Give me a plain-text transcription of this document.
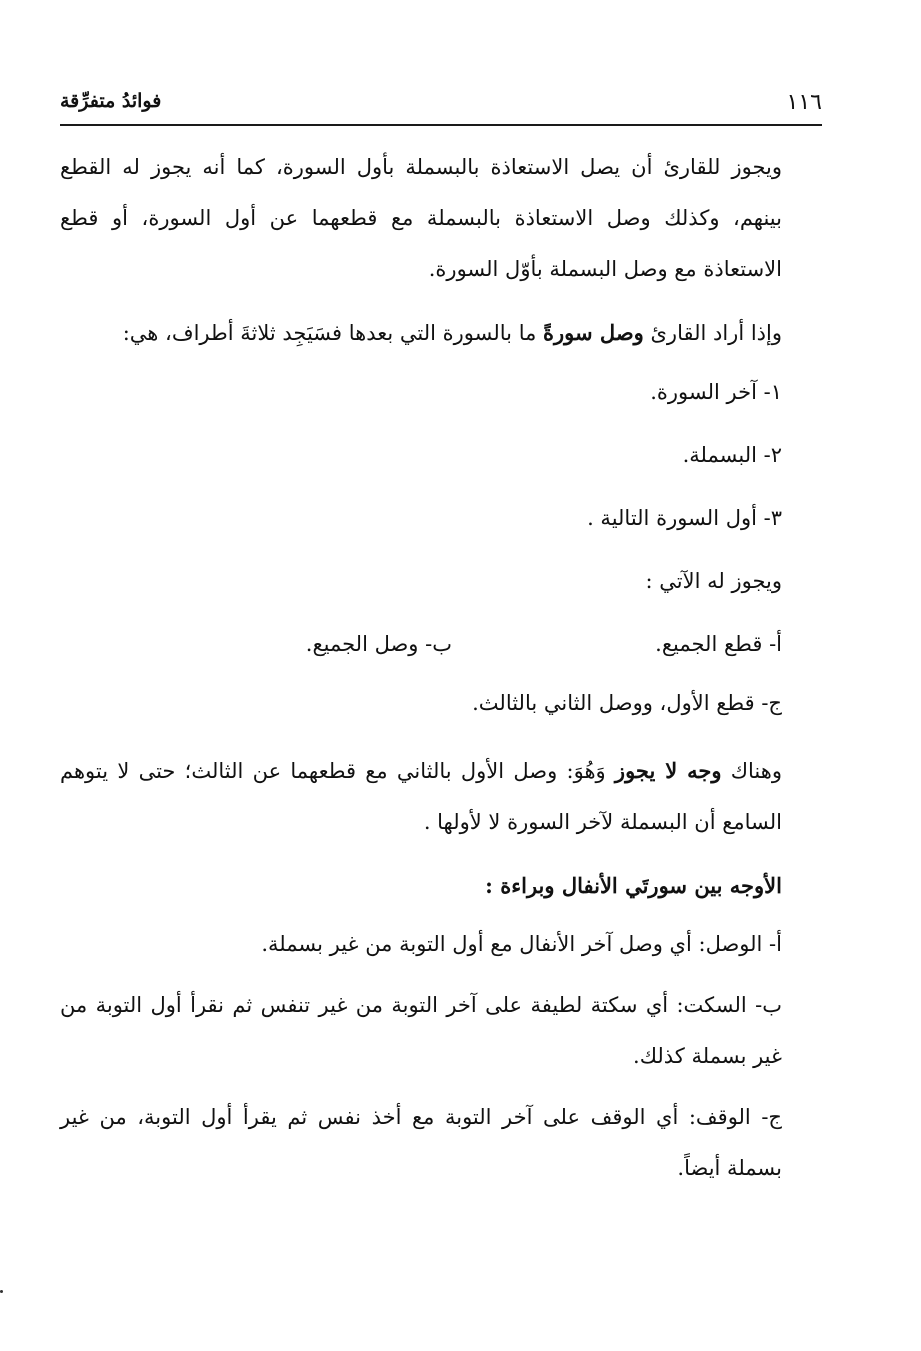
١١٦
فوائدُ متفرِّقة

ويجوز للقارئ أن يصل الاستعاذة بالبسملة بأول السورة، كما أنه يجوز له القطع بينهم، وكذلك وصل الاستعاذة بالبسملة مع قطعهما عن أول السورة، أو قطع الاستعاذة مع وصل البسملة بأوّل السورة.

وإذا أراد القارئ وصل سورةً ما بالسورة التي بعدها فسَيَجِد ثلاثةَ أطراف، هي:

١- آخر السورة.

٢- البسملة.

٣- أول السورة التالية .

ويجوز له الآتي :

أ- قطع الجميع.
ب- وصل الجميع.

ج- قطع الأول، ووصل الثاني بالثالث.

وهناك وجه لا يجوز وَهُوَ: وصل الأول بالثاني مع قطعهما عن الثالث؛ حتى لا يتوهم السامع أن البسملة لآخر السورة لا لأولها .

الأوجه بين سورتَي الأنفال وبراءة :

أ- الوصل: أي وصل آخر الأنفال مع أول التوبة من غير بسملة.

ب- السكت: أي سكتة لطيفة على آخر التوبة من غير تنفس ثم نقرأ أول التوبة من غير بسملة كذلك.

ج- الوقف: أي الوقف على آخر التوبة مع أخذ نفس ثم يقرأ أول التوبة، من غير بسملة أيضاً.
